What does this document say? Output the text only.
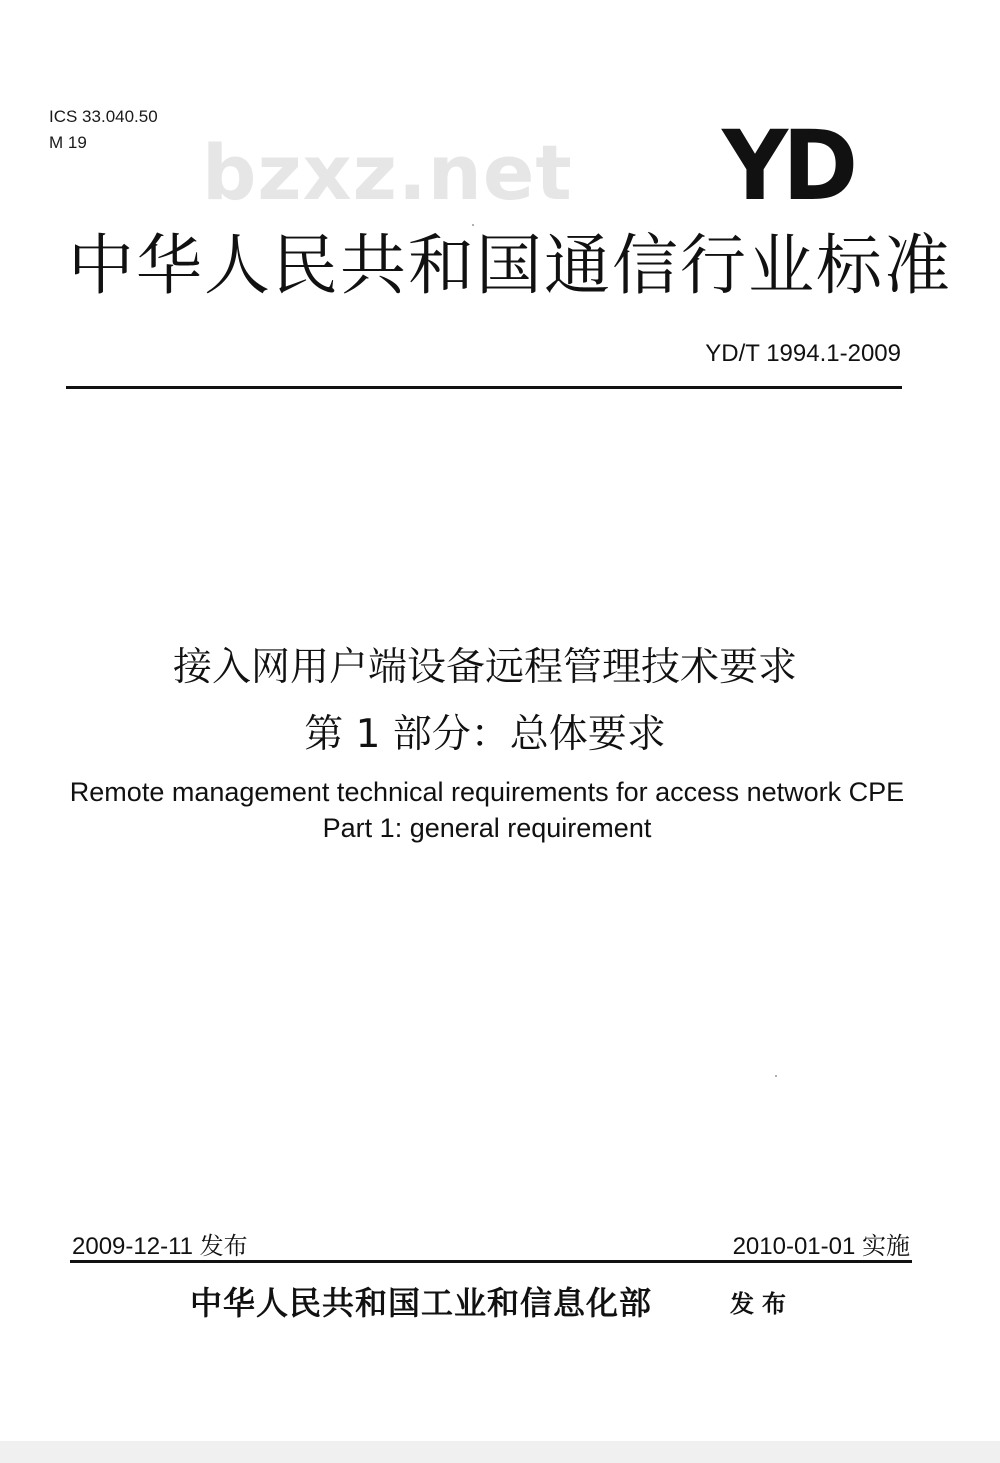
ICS 33.040.50
M 19	bzxz.net YD
中华人民共和国通信行业标准
YD/T 1994.1-2009
接入网用户端设备远程管理技术要求
第 1 部分：总体要求
Remote management technical requirements for access network CPE
Part 1: general requirement
2009-12-11 发布	2010-01-01 实施
中华人民共和国工业和信息化部	发布
